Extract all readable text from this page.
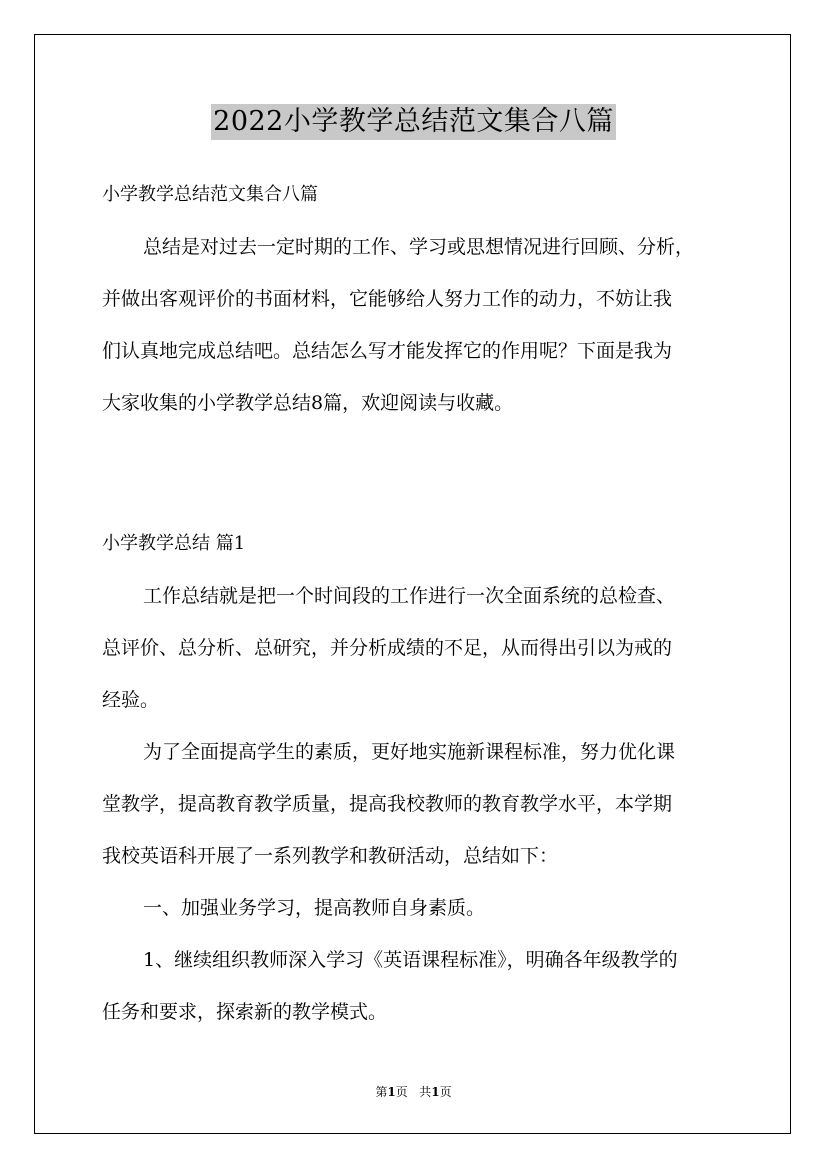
2022小学教学总结范文集合八篇
小学教学总结范文集合八篇
总结是对过去一定时期的工作、学习或思想情况进行回顾、分析，
并做出客观评价的书面材料，它能够给人努力工作的动力，不妨让我
们认真地完成总结吧。总结怎么写才能发挥它的作用呢？下面是我为
大家收集的小学教学总结8篇，欢迎阅读与收藏。
小学教学总结 篇1
工作总结就是把一个时间段的工作进行一次全面系统的总检查、
总评价、总分析、总研究，并分析成绩的不足，从而得出引以为戒的
经验。
为了全面提高学生的素质，更好地实施新课程标准，努力优化课
堂教学，提高教育教学质量，提高我校教师的教育教学水平，本学期
我校英语科开展了一系列教学和教研活动，总结如下：
一、加强业务学习，提高教师自身素质。
1、继续组织教师深入学习《英语课程标准》，明确各年级教学的
任务和要求，探索新的教学模式。
第1页 共1页
